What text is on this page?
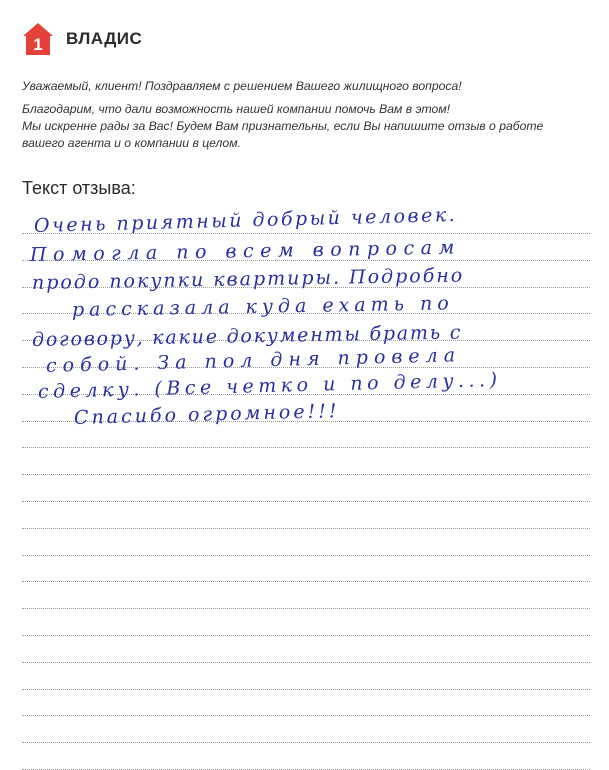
1 ВЛАДИС

Уважаемый, клиент! Поздравляем с решением Вашего жилищного вопроса!

Благодарим, что дали возможность нашей компании помочь Вам в этом!
Мы искренне рады за Вас! Будем Вам признательны, если Вы напишите отзыв о работе
вашего агента и о компании в целом.

Текст отзыва:
Очень приятный добрый человек.
Помогла по всем вопросам
продо покупки квартиры. Подробно
рассказала куда ехать по
договору, какие документы брать с
собой. За пол дня провела
сделку. (Все четко и по делу...)
Спасибо огромное!!!
